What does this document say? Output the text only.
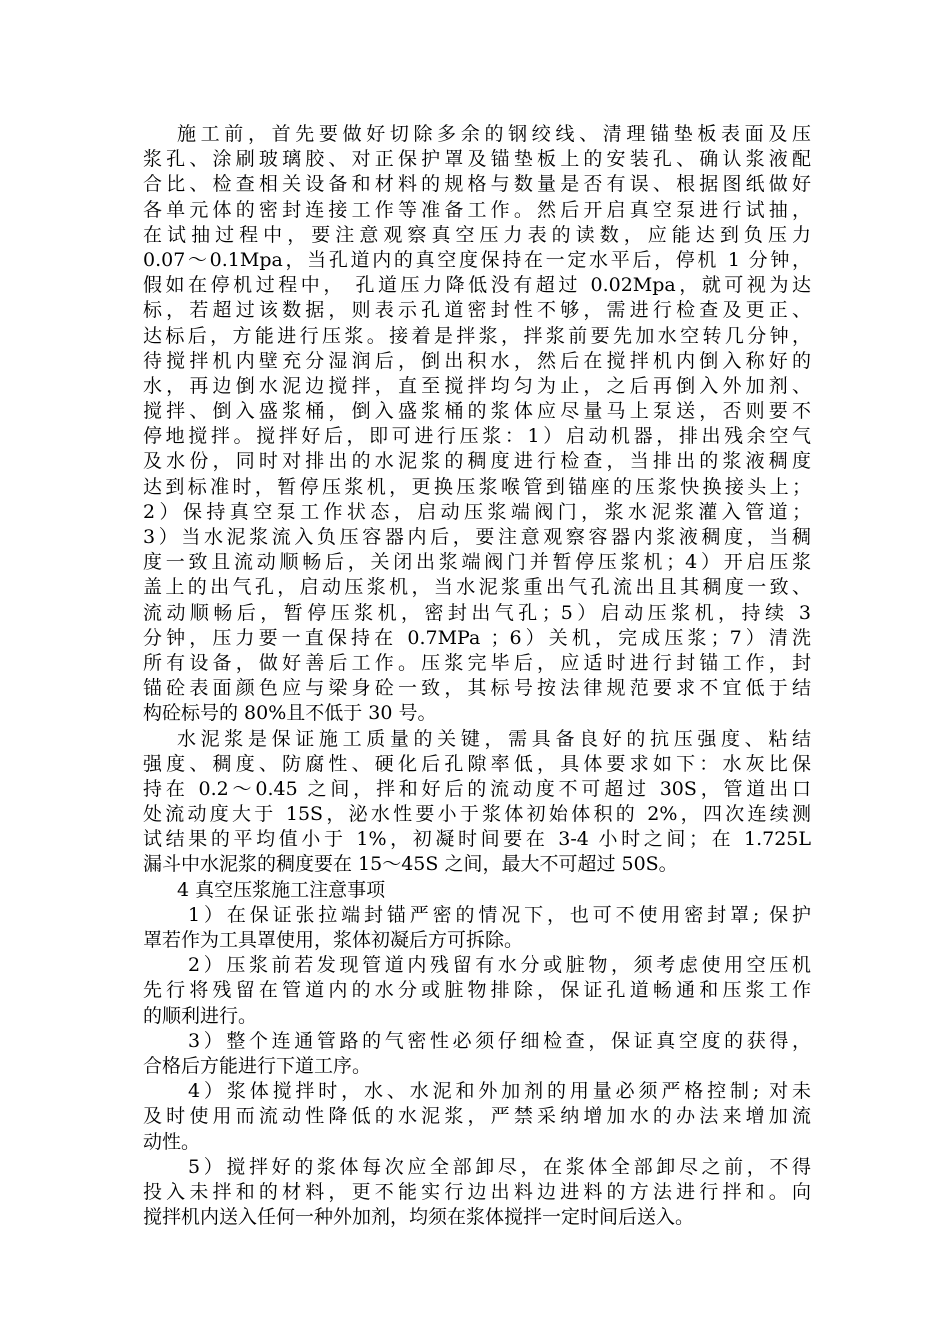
施工前，首先要做好切除多余的钢绞线、清理锚垫板表面及压
浆孔、涂刷玻璃胶、对正保护罩及锚垫板上的安装孔、确认浆液配
合比、检查相关设备和材料的规格与数量是否有误、根据图纸做好
各单元体的密封连接工作等准备工作。然后开启真空泵进行试抽，
在试抽过程中，要注意观察真空压力表的读数，应能达到负压力
0.07～0.1Mpa，当孔道内的真空度保持在一定水平后，停机 1 分钟，
假如在停机过程中， 孔道压力降低没有超过 0.02Mpa，就可视为达
标，若超过该数据，则表示孔道密封性不够，需进行检查及更正、
达标后，方能进行压浆。接着是拌浆，拌浆前要先加水空转几分钟，
待搅拌机内壁充分湿润后，倒出积水，然后在搅拌机内倒入称好的
水，再边倒水泥边搅拌，直至搅拌均匀为止，之后再倒入外加剂、
搅拌、倒入盛浆桶，倒入盛浆桶的浆体应尽量马上泵送，否则要不
停地搅拌。搅拌好后，即可进行压浆：1）启动机器，排出残余空气
及水份，同时对排出的水泥浆的稠度进行检查，当排出的浆液稠度
达到标准时，暂停压浆机，更换压浆喉管到锚座的压浆快换接头上；
2）保持真空泵工作状态，启动压浆端阀门，浆水泥浆灌入管道；
3）当水泥浆流入负压容器内后，要注意观察容器内浆液稠度，当稠
度一致且流动顺畅后，关闭出浆端阀门并暂停压浆机；4）开启压浆
盖上的出气孔，启动压浆机，当水泥浆重出气孔流出且其稠度一致、
流动顺畅后，暂停压浆机，密封出气孔；5）启动压浆机，持续 3
分钟，压力要一直保持在 0.7MPa ；6）关机，完成压浆；7）清洗
所有设备，做好善后工作。压浆完毕后，应适时进行封锚工作，封
锚砼表面颜色应与梁身砼一致，其标号按法律规范要求不宜低于结
构砼标号的 80%且不低于 30 号。
水泥浆是保证施工质量的关键，需具备良好的抗压强度、粘结
强度、稠度、防腐性、硬化后孔隙率低，具体要求如下：水灰比保
持在 0.2～0.45 之间，拌和好后的流动度不可超过 30S，管道出口
处流动度大于 15S，泌水性要小于浆体初始体积的 2%，四次连续测
试结果的平均值小于 1%，初凝时间要在 3-4 小时之间；在 1.725L
漏斗中水泥浆的稠度要在 15～45S 之间，最大不可超过 50S。
4 真空压浆施工注意事项
1）在保证张拉端封锚严密的情况下，也可不使用密封罩; 保护
罩若作为工具罩使用，浆体初凝后方可拆除。
2）压浆前若发现管道内残留有水分或脏物，须考虑使用空压机
先行将残留在管道内的水分或脏物排除，保证孔道畅通和压浆工作
的顺利进行。
3）整个连通管路的气密性必须仔细检查，保证真空度的获得，
合格后方能进行下道工序。
4）浆体搅拌时，水、水泥和外加剂的用量必须严格控制; 对未
及时使用而流动性降低的水泥浆，严禁采纳增加水的办法来增加流
动性。
5）搅拌好的浆体每次应全部卸尽，在浆体全部卸尽之前，不得
投入未拌和的材料，更不能实行边出料边进料的方法进行拌和。向
搅拌机内送入任何一种外加剂，均须在浆体搅拌一定时间后送入。
